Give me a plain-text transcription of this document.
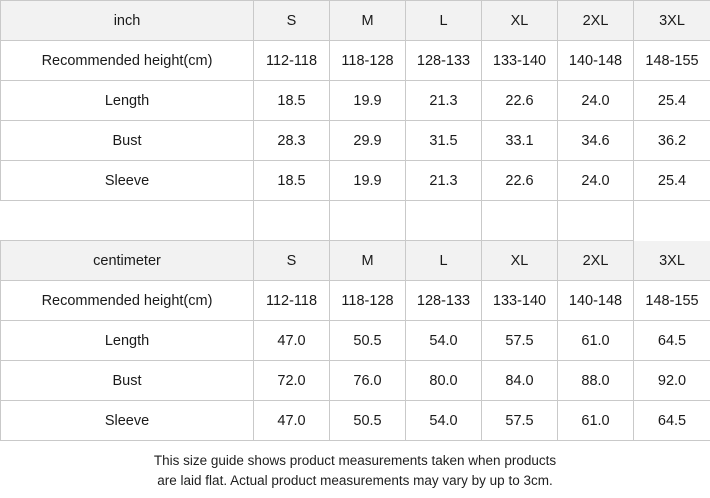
inch	S	M	L	XL	2XL	3XL
Recommended height(cm)	112-118	118-128	128-133	133-140	140-148	148-155
Length	18.5	19.9	21.3	22.6	24.0	25.4
Bust	28.3	29.9	31.5	33.1	34.6	36.2
Sleeve	18.5	19.9	21.3	22.6	24.0	25.4

centimeter	S	M	L	XL	2XL	3XL
Recommended height(cm)	112-118	118-128	128-133	133-140	140-148	148-155
Length	47.0	50.5	54.0	57.5	61.0	64.5
Bust	72.0	76.0	80.0	84.0	88.0	92.0
Sleeve	47.0	50.5	54.0	57.5	61.0	64.5
This size guide shows product measurements taken when products
are laid flat. Actual product measurements may vary by up to 3cm.
